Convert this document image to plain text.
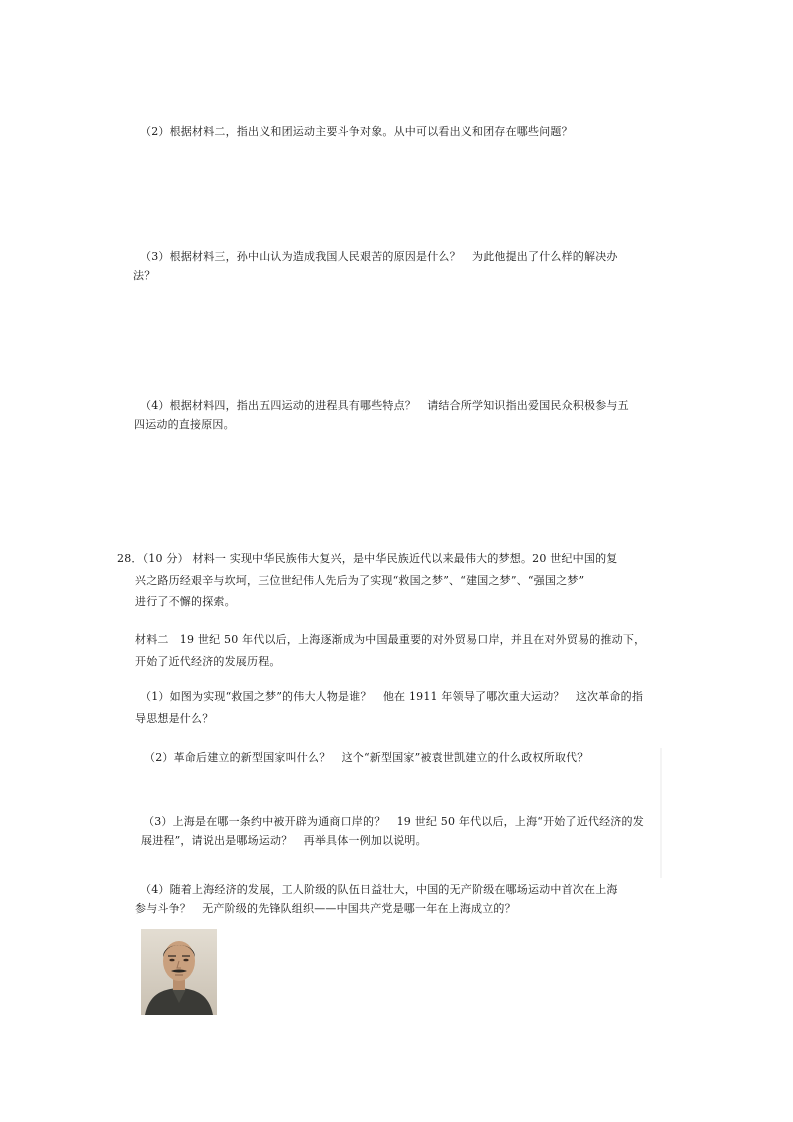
（2）根据材料二，指出义和团运动主要斗争对象。从中可以看出义和团存在哪些问题？
（3）根据材料三，孙中山认为造成我国人民艰苦的原因是什么？　为此他提出了什么样的解决办
法？
（4）根据材料四，指出五四运动的进程具有哪些特点？　请结合所学知识指出爱国民众积极参与五
四运动的直接原因。
28．（10 分） 材料一 实现中华民族伟大复兴，是中华民族近代以来最伟大的梦想。20 世纪中国的复
兴之路历经艰辛与坎坷，三位世纪伟人先后为了实现“救国之梦”、“建国之梦”、“强国之梦”
进行了不懈的探索。
材料二　19 世纪 50 年代以后，上海逐渐成为中国最重要的对外贸易口岸，并且在对外贸易的推动下，
开始了近代经济的发展历程。
（1）如图为实现“救国之梦”的伟大人物是谁？　他在 1911 年领导了哪次重大运动？　这次革命的指
导思想是什么？
（2）革命后建立的新型国家叫什么？　这个“新型国家”被袁世凯建立的什么政权所取代？
（3）上海是在哪一条约中被开辟为通商口岸的？　19 世纪 50 年代以后，上海“开始了近代经济的发
展进程”，请说出是哪场运动？　再举具体一例加以说明。
（4）随着上海经济的发展，工人阶级的队伍日益壮大，中国的无产阶级在哪场运动中首次在上海
参与斗争？　无产阶级的先锋队组织——中国共产党是哪一年在上海成立的？
